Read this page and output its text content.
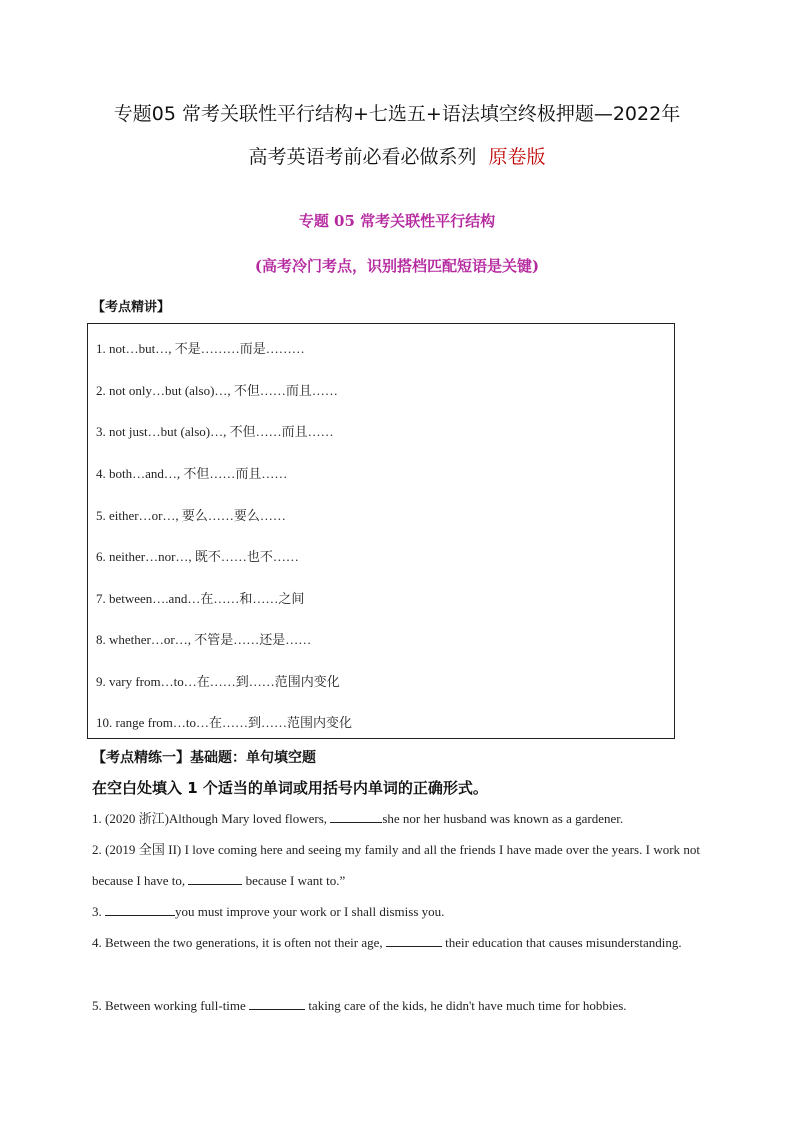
专题05 常考关联性平行结构+七选五+语法填空终极押题—2022年
高考英语考前必看必做系列 原卷版
专题 05 常考关联性平行结构
(高考冷门考点，识别搭档匹配短语是关键)
【考点精讲】
1. not…but…, 不是………而是………
2. not only…but (also)…, 不但……而且……
3. not just…but (also)…, 不但……而且……
4. both…and…, 不但……而且……
5. either…or…, 要么……要么……
6. neither…nor…, 既不……也不……
7. between….and…在……和……之间
8. whether…or…, 不管是……还是……
9. vary from…to…在……到……范围内变化
10. range from…to…在……到……范围内变化
【考点精练一】基础题：单句填空题
在空白处填入 1 个适当的单词或用括号内单词的正确形式。
1. (2020 浙江)Although Mary loved flowers,	she nor her husband was known as a gardener.
2. (2019 全国 II) I love coming here and seeing my family and all the friends I have made over the years. I work not because I have to,	because I want to.”
3.	you must improve your work or I shall dismiss you.
4. Between the two generations, it is often not their age,	their education that causes misunderstanding.
5. Between working full-time	taking care of the kids, he didn't have much time for hobbies.
